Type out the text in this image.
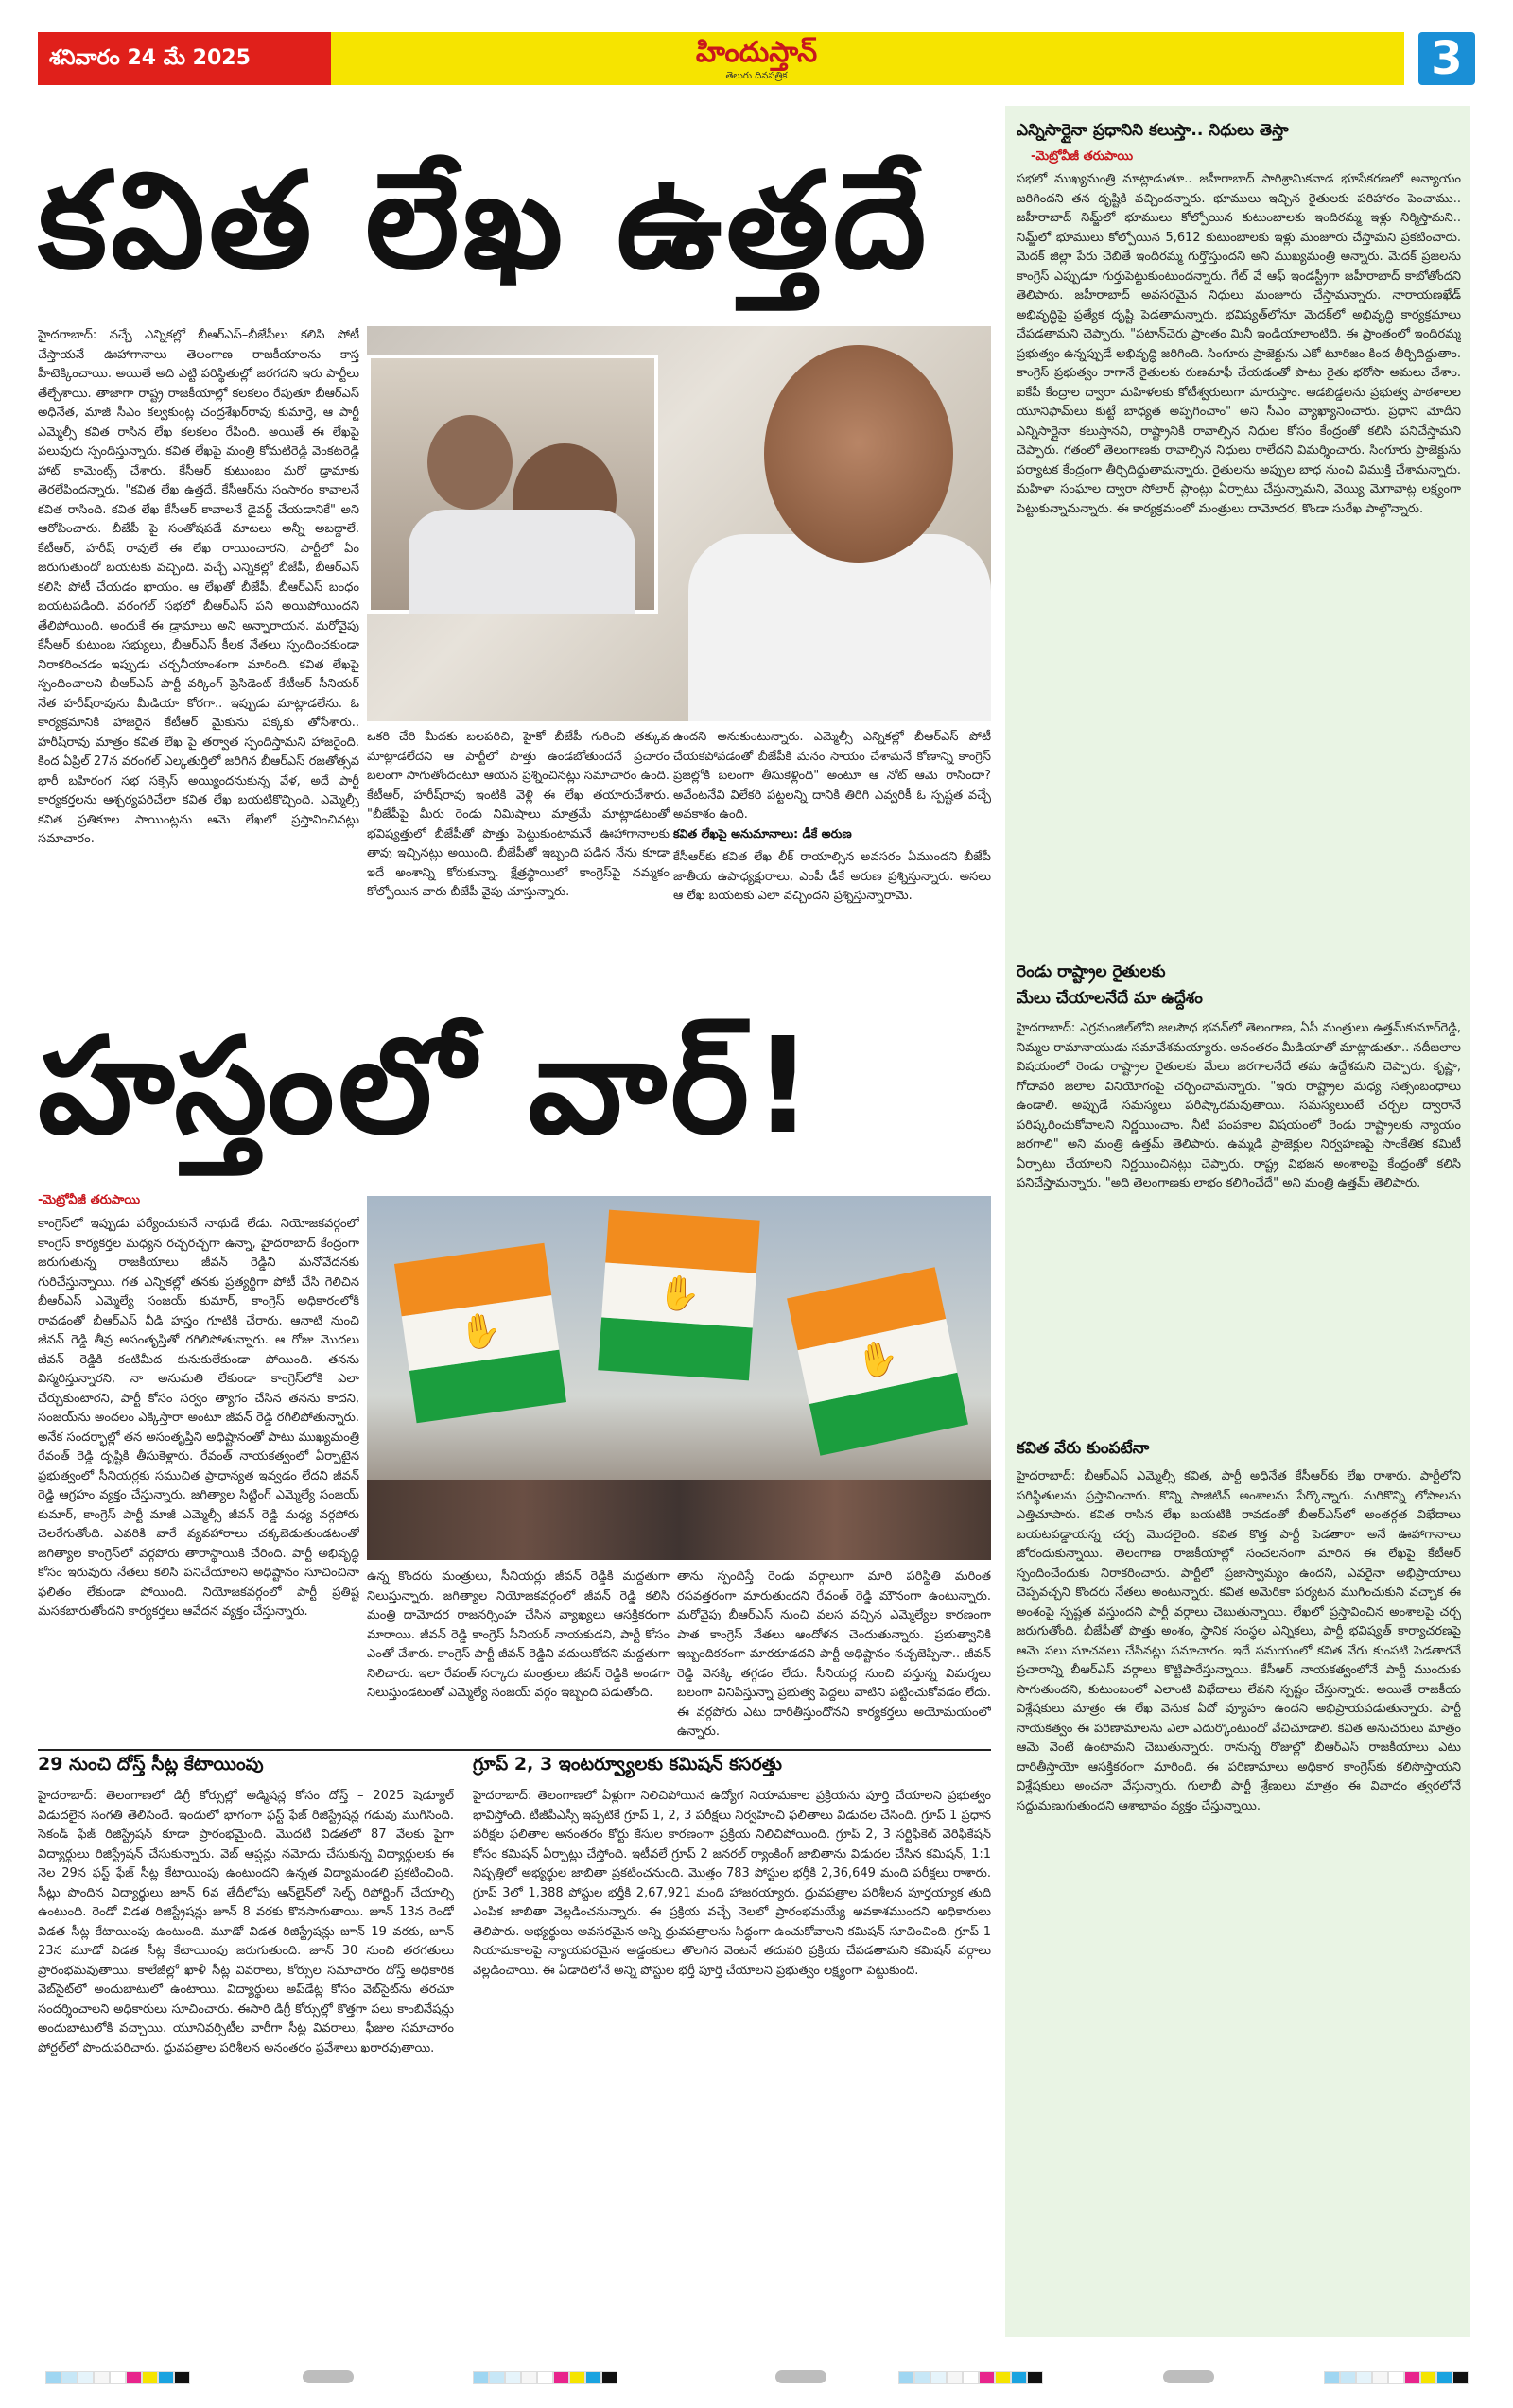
శనివారం 24 మే 2025	హిందుస్తాన్
తెలుగు దినపత్రిక	3
కవిత లేఖ ఉత్తదే
హైదరాబాద్: వచ్చే ఎన్నికల్లో బీఆర్ఎస్–బీజేపీలు కలిసి పోటీ చేస్తాయనే ఊహాగానాలు తెలంగాణ రాజకీయాలను కాస్త హీటెక్కించాయి. అయితే అది ఎట్టి పరిస్థితుల్లో జరగదని ఇరు పార్టీలు తేల్చేశాయి. తాజాగా రాష్ట్ర రాజకీయాల్లో కలకలం రేపుతూ బీఆర్ఎస్ అధినేత, మాజీ సీఎం కల్వకుంట్ల చంద్రశేఖర్‌రావు కుమార్తె, ఆ పార్టీ ఎమ్మెల్సీ కవిత రాసిన లేఖ కలకలం రేపింది. అయితే ఈ లేఖపై పలువురు స్పందిస్తున్నారు. కవిత లేఖపై మంత్రి కోమటిరెడ్డి వెంకటరెడ్డి హాట్ కామెంట్స్ చేశారు. కేసీఆర్ కుటుంబం మరో డ్రామాకు తెరలేపిందన్నారు. "కవిత లేఖ ఉత్తదే. కేసీఆర్‌ను సంసారం కావాలనే కవిత రాసింది. కవిత లేఖ కేసీఆర్ కావాలనే డైవర్ట్ చేయడానికే" అని ఆరోపించారు. బీజేపీ పై సంతోషపడే మాటలు అన్నీ అబద్దాలే. కేటీఆర్, హరీష్ రావులే ఈ లేఖ రాయించారని, పార్టీలో ఏం జరుగుతుందో బయటకు వచ్చింది. వచ్చే ఎన్నికల్లో బీజేపీ, బీఆర్ఎస్ కలిసి పోటీ చేయడం ఖాయం. ఆ లేఖతో బీజేపీ, బీఆర్ఎస్ బంధం బయటపడింది. వరంగల్ సభలో బీఆర్ఎస్ పని అయిపోయిందని తేలిపోయింది. అందుకే ఈ డ్రామాలు అని అన్నారాయన. మరోవైపు కేసీఆర్ కుటుంబ సభ్యులు, బీఆర్ఎస్ కీలక నేతలు స్పందించకుండా నిరాకరించడం ఇప్పుడు చర్చనీయాంశంగా మారింది. కవిత లేఖపై స్పందించాలని బీఆర్ఎస్ పార్టీ వర్కింగ్ ప్రెసిడెంట్ కేటీఆర్ సీనియర్ నేత హరీష్‌రావును మీడియా కోరగా.. ఇప్పుడు మాట్లాడలేను. ఓ కార్యక్రమానికి హాజరైన కేటీఆర్ మైకును పక్కకు తోసేశారు.. హరీష్‌రావు మాత్రం కవిత లేఖ పై తర్వాత స్పందిస్తామని హాజరైంది. కింద ఏప్రిల్ 27న వరంగల్ ఎల్కతుర్తిలో జరిగిన బీఆర్ఎస్ రజతోత్సవ భారీ బహిరంగ సభ సక్సెస్ అయ్యిందనుకున్న వేళ, అదే పార్టీ కార్యకర్తలను ఆశ్చర్యపరిచేలా కవిత లేఖ బయటికొచ్చింది. ఎమ్మెల్సీ కవిత ప్రతికూల పాయింట్లను ఆమె లేఖలో ప్రస్తావించినట్లు సమాచారం.
ఒకరి చేరి మీదకు బలపరిచి, హైకో బీజేపీ గురించి తక్కువ మాట్లాడలేదని ఆ పార్టీలో పొత్తు ఉండబోతుందనే ప్రచారం బలంగా సాగుతోందంటూ ఆయన ప్రశ్నించినట్లు సమాచారం ఉంది. కేటీఆర్, హరీష్‌రావు ఇంటికి వెళ్లి ఈ లేఖ తయారుచేశారు. "బీజేపీపై మీరు రెండు నిమిషాలు మాత్రమే మాట్లాడటంతో భవిష్యత్తులో బీజేపీతో పొత్తు పెట్టుకుంటామనే ఊహాగానాలకు తావు ఇచ్చినట్లు అయింది. బీజేపీతో ఇబ్బంది పడిన నేను కూడా ఇదే అంశాన్ని కోరుకున్నా. క్షేత్రస్థాయిలో కాంగ్రెస్‌పై నమ్మకం కోల్పోయిన వారు బీజేపీ వైపు చూస్తున్నారు.
ఉందని అనుకుంటున్నారు. ఎమ్మెల్సీ ఎన్నికల్లో బీఆర్ఎస్ పోటీ చేయకపోవడంతో బీజేపీకి మనం సాయం చేశామనే కోణాన్ని కాంగ్రెస్ ప్రజల్లోకి బలంగా తీసుకెళ్లింది" అంటూ ఆ నోట్ ఆమె రాసిందా? అవేంటనేవి విలేకరి పట్టలన్ని దానికి తిరిగి ఎవ్వరికీ ఓ స్పష్టత వచ్చే అవకాశం ఉంది.
కవిత లేఖపై అనుమానాలు: డీకే అరుణ
కేసీఆర్‌కు కవిత లేఖ లీక్ రాయాల్సిన అవసరం ఏముందని బీజేపీ జాతీయ ఉపాధ్యక్షురాలు, ఎంపీ డీకే అరుణ ప్రశ్నిస్తున్నారు. అసలు ఆ లేఖ బయటకు ఎలా వచ్చిందని ప్రశ్నిస్తున్నారామె.
హస్తంలో వార్!
-మెట్రోవీజీ తరుపాయి
కాంగ్రెస్‌లో ఇప్పుడు పర్యేంచుకునే నాథుడే లేడు. నియోజకవర్గంలో కాంగ్రెస్ కార్యకర్తల మధ్యన రచ్చరచ్చగా ఉన్నా, హైదరాబాద్ కేంద్రంగా జరుగుతున్న రాజకీయాలు జీవన్ రెడ్డిని మనోవేదనకు గురిచేస్తున్నాయి. గత ఎన్నికల్లో తనకు ప్రత్యర్థిగా పోటీ చేసి గెలిచిన బీఆర్ఎస్ ఎమ్మెల్యే సంజయ్ కుమార్, కాంగ్రెస్ అధికారంలోకి రావడంతో బీఆర్ఎస్ వీడి హస్తం గూటికి చేరారు. ఆనాటి నుంచి జీవన్ రెడ్డి తీవ్ర అసంతృప్తితో రగిలిపోతున్నారు. ఆ రోజు మొదలు జీవన్ రెడ్డికి కంటిమీద కునుకులేకుండా పోయింది. తనను విస్మరిస్తున్నారని, నా అనుమతి లేకుండా కాంగ్రెస్‌లోకి ఎలా చేర్చుకుంటారని, పార్టీ కోసం సర్వం త్యాగం చేసిన తనను కాదని, సంజయ్‌ను అందలం ఎక్కిస్తారా అంటూ జీవన్ రెడ్డి రగిలిపోతున్నారు. అనేక సందర్భాల్లో తన అసంతృప్తిని అధిష్టానంతో పాటు ముఖ్యమంత్రి రేవంత్ రెడ్డి దృష్టికి తీసుకెళ్లారు. రేవంత్ నాయకత్వంలో ఏర్పాటైన ప్రభుత్వంలో సీనియర్లకు సముచిత ప్రాధాన్యత ఇవ్వడం లేదని జీవన్ రెడ్డి ఆగ్రహం వ్యక్తం చేస్తున్నారు. జగిత్యాల సిట్టింగ్ ఎమ్మెల్యే సంజయ్ కుమార్, కాంగ్రెస్ పార్టీ మాజీ ఎమ్మెల్సీ జీవన్ రెడ్డి మధ్య వర్గపోరు చెలరేగుతోంది. ఎవరికి వారే వ్యవహారాలు చక్కబెడుతుండటంతో జగిత్యాల కాంగ్రెస్‌లో వర్గపోరు తారాస్థాయికి చేరింది. పార్టీ అభివృద్ధి కోసం ఇరువురు నేతలు కలిసి పనిచేయాలని అధిష్టానం సూచించినా ఫలితం లేకుండా పోయింది. నియోజకవర్గంలో పార్టీ ప్రతిష్ట మసకబారుతోందని కార్యకర్తలు ఆవేదన వ్యక్తం చేస్తున్నారు.
✋
✋
✋
ఉన్న కొందరు మంత్రులు, సీనియర్లు జీవన్ రెడ్డికి మద్దతుగా నిలుస్తున్నారు. జగిత్యాల నియోజకవర్గంలో జీవన్ రెడ్డి కలిసి మంత్రి దామోదర రాజనర్సింహ చేసిన వ్యాఖ్యలు ఆసక్తికరంగా మారాయి. జీవన్ రెడ్డి కాంగ్రెస్ సీనియర్ నాయకుడని, పార్టీ కోసం ఎంతో చేశారు. కాంగ్రెస్ పార్టీ జీవన్ రెడ్డిని వదులుకోదని మద్దతుగా నిలిచారు. ఇలా రేవంత్ సర్కారు మంత్రులు జీవన్ రెడ్డికి అండగా నిలుస్తుండటంతో ఎమ్మెల్యే సంజయ్ వర్గం ఇబ్బంది పడుతోంది.
తాను స్పందిస్తే రెండు వర్గాలుగా మారి పరిస్థితి మరింత రసవత్తరంగా మారుతుందని రేవంత్ రెడ్డి మౌనంగా ఉంటున్నారు. మరోవైపు బీఆర్ఎస్ నుంచి వలస వచ్చిన ఎమ్మెల్యేల కారణంగా పాత కాంగ్రెస్ నేతలు ఆందోళన చెందుతున్నారు. ప్రభుత్వానికి ఇబ్బందికరంగా మారకూడదని పార్టీ అధిష్టానం నచ్చజెప్పినా.. జీవన్ రెడ్డి వెనక్కి తగ్గడం లేదు. సీనియర్ల నుంచి వస్తున్న విమర్శలు బలంగా వినిపిస్తున్నా ప్రభుత్వ పెద్దలు వాటిని పట్టించుకోవడం లేదు. ఈ వర్గపోరు ఎటు దారితీస్తుందోనని కార్యకర్తలు అయోమయంలో ఉన్నారు.
29 నుంచి దోస్త్ సీట్ల కేటాయింపు
హైదరాబాద్: తెలంగాణలో డిగ్రీ కోర్సుల్లో అడ్మిషన్ల కోసం దోస్త్ – 2025 షెడ్యూల్ విడుదలైన సంగతి తెలిసిందే. ఇందులో భాగంగా ఫస్ట్ ఫేజ్ రిజిస్ట్రేషన్ల గడువు ముగిసింది. సెకండ్ ఫేజ్ రిజిస్ట్రేషన్ కూడా ప్రారంభమైంది. మొదటి విడతలో 87 వేలకు పైగా విద్యార్థులు రిజిస్ట్రేషన్ చేసుకున్నారు. వెబ్ ఆప్షన్లు నమోదు చేసుకున్న విద్యార్థులకు ఈ నెల 29న ఫస్ట్ ఫేజ్ సీట్ల కేటాయింపు ఉంటుందని ఉన్నత విద్యామండలి ప్రకటించింది. సీట్లు పొందిన విద్యార్థులు జూన్ 6వ తేదీలోపు ఆన్‌లైన్‌లో సెల్ఫ్ రిపోర్టింగ్ చేయాల్సి ఉంటుంది. రెండో విడత రిజిస్ట్రేషన్లు జూన్ 8 వరకు కొనసాగుతాయి. జూన్ 13న రెండో విడత సీట్ల కేటాయింపు ఉంటుంది. మూడో విడత రిజిస్ట్రేషన్లు జూన్ 19 వరకు, జూన్ 23న మూడో విడత సీట్ల కేటాయింపు జరుగుతుంది. జూన్ 30 నుంచి తరగతులు ప్రారంభమవుతాయి. కాలేజీల్లో ఖాళీ సీట్ల వివరాలు, కోర్సుల సమాచారం దోస్త్ అధికారిక వెబ్‌సైట్‌లో అందుబాటులో ఉంటాయి. విద్యార్థులు అప్‌డేట్ల కోసం వెబ్‌సైట్‌ను తరచూ సందర్శించాలని అధికారులు సూచించారు. ఈసారి డిగ్రీ కోర్సుల్లో కొత్తగా పలు కాంబినేషన్లు అందుబాటులోకి వచ్చాయి. యూనివర్సిటీల వారీగా సీట్ల వివరాలు, ఫీజుల సమాచారం పోర్టల్‌లో పొందుపరిచారు. ధ్రువపత్రాల పరిశీలన అనంతరం ప్రవేశాలు ఖరారవుతాయి.
గ్రూప్‌ 2, 3 ఇంటర్వ్యూలకు కమిషన్ కసరత్తు
హైదరాబాద్: తెలంగాణలో ఏళ్లుగా నిలిచిపోయిన ఉద్యోగ నియామకాల ప్రక్రియను పూర్తి చేయాలని ప్రభుత్వం భావిస్తోంది. టీజీపీఎస్సీ ఇప్పటికే గ్రూప్ 1, 2, 3 పరీక్షలు నిర్వహించి ఫలితాలు విడుదల చేసింది. గ్రూప్ 1 ప్రధాన పరీక్షల ఫలితాల అనంతరం కోర్టు కేసుల కారణంగా ప్రక్రియ నిలిచిపోయింది. గ్రూప్ 2, 3 సర్టిఫికెట్ వెరిఫికేషన్ కోసం కమిషన్ ఏర్పాట్లు చేస్తోంది. ఇటీవలే గ్రూప్ 2 జనరల్ ర్యాంకింగ్ జాబితాను విడుదల చేసిన కమిషన్, 1:1 నిష్పత్తిలో అభ్యర్థుల జాబితా ప్రకటించనుంది. మొత్తం 783 పోస్టుల భర్తీకి 2,36,649 మంది పరీక్షలు రాశారు. గ్రూప్ 3లో 1,388 పోస్టుల భర్తీకి 2,67,921 మంది హాజరయ్యారు. ధ్రువపత్రాల పరిశీలన పూర్తయ్యాక తుది ఎంపిక జాబితా వెల్లడించనున్నారు. ఈ ప్రక్రియ వచ్చే నెలలో ప్రారంభమయ్యే అవకాశముందని అధికారులు తెలిపారు. అభ్యర్థులు అవసరమైన అన్ని ధ్రువపత్రాలను సిద్ధంగా ఉంచుకోవాలని కమిషన్ సూచించింది. గ్రూప్ 1 నియామకాలపై న్యాయపరమైన అడ్డంకులు తొలగిన వెంటనే తదుపరి ప్రక్రియ చేపడతామని కమిషన్ వర్గాలు వెల్లడించాయి. ఈ ఏడాదిలోనే అన్ని పోస్టుల భర్తీ పూర్తి చేయాలని ప్రభుత్వం లక్ష్యంగా పెట్టుకుంది.
ఎన్నిసార్లైనా ప్రధానిని కలుస్తా.. నిధులు తెస్తా
-మెట్రోవీజీ తరుపాయి
సభలో ముఖ్యమంత్రి మాట్లాడుతూ.. జహీరాబాద్ పారిశ్రామికవాడ భూసేకరణలో అన్యాయం జరిగిందని తన దృష్టికి వచ్చిందన్నారు. భూములు ఇచ్చిన రైతులకు పరిహారం పెంచాము.. జహీరాబాద్ నిమ్జ్‌లో భూములు కోల్పోయిన కుటుంబాలకు ఇందిరమ్మ ఇళ్లు నిర్మిస్తామని.. నిమ్జ్‌లో భూములు కోల్పోయిన 5,612 కుటుంబాలకు ఇళ్లు మంజూరు చేస్తామని ప్రకటించారు. మెదక్ జిల్లా పేరు చెబితే ఇందిరమ్మ గుర్తొస్తుందని అని ముఖ్యమంత్రి అన్నారు. మెదక్ ప్రజలను కాంగ్రెస్ ఎప్పుడూ గుర్తుపెట్టుకుంటుందన్నారు. గేట్ వే ఆఫ్ ఇండస్ట్రీగా జహీరాబాద్ కాబోతోందని తెలిపారు. జహీరాబాద్ అవసరమైన నిధులు మంజూరు చేస్తామన్నారు. నారాయణఖేడ్ అభివృద్ధిపై ప్రత్యేక దృష్టి పెడతామన్నారు. భవిష్యత్‌లోనూ మెదక్‌లో అభివృద్ధి కార్యక్రమాలు చేపడతామని చెప్పారు. "పటాన్‌చెరు ప్రాంతం మినీ ఇండియాలాంటిది. ఈ ప్రాంతంలో ఇందిరమ్మ ప్రభుత్వం ఉన్నప్పుడే అభివృద్ధి జరిగింది. సింగూరు ప్రాజెక్టును ఎకో టూరిజం కింద తీర్చిదిద్దుతాం. కాంగ్రెస్ ప్రభుత్వం రాగానే రైతులకు రుణమాఫీ చేయడంతో పాటు రైతు భరోసా అమలు చేశాం. ఐకేపీ కేంద్రాల ద్వారా మహిళలకు కోటీశ్వరులుగా మారుస్తాం. ఆడబిడ్డలను ప్రభుత్వ పాఠశాలల యూనిఫామ్‌లు కుట్టే బాధ్యత అప్పగించాం" అని సీఎం వ్యాఖ్యానించారు. ప్రధాని మోదీని ఎన్నిసార్లైనా కలుస్తానని, రాష్ట్రానికి రావాల్సిన నిధుల కోసం కేంద్రంతో కలిసి పనిచేస్తామని చెప్పారు. గతంలో తెలంగాణకు రావాల్సిన నిధులు రాలేదని విమర్శించారు. సింగూరు ప్రాజెక్టును పర్యాటక కేంద్రంగా తీర్చిదిద్దుతామన్నారు. రైతులను అప్పుల బాధ నుంచి విముక్తి చేశామన్నారు. మహిళా సంఘాల ద్వారా సోలార్ ప్లాంట్లు ఏర్పాటు చేస్తున్నామని, వెయ్యి మెగావాట్ల లక్ష్యంగా పెట్టుకున్నామన్నారు. ఈ కార్యక్రమంలో మంత్రులు దామోదర, కొండా సురేఖ పాల్గొన్నారు.
రెండు రాష్ట్రాల రైతులకు
మేలు చేయాలనేదే మా ఉద్దేశం
హైదరాబాద్: ఎర్రమంజిల్‌లోని జలసౌధ భవన్‌లో తెలంగాణ, ఏపీ మంత్రులు ఉత్తమ్‌కుమార్‌రెడ్డి, నిమ్మల రామానాయుడు సమావేశమయ్యారు. అనంతరం మీడియాతో మాట్లాడుతూ.. నదీజలాల విషయంలో రెండు రాష్ట్రాల రైతులకు మేలు జరగాలనేదే తమ ఉద్దేశమని చెప్పారు. కృష్ణా, గోదావరి జలాల వినియోగంపై చర్చించామన్నారు. "ఇరు రాష్ట్రాల మధ్య సత్సంబంధాలు ఉండాలి. అప్పుడే సమస్యలు పరిష్కారమవుతాయి. సమస్యలుంటే చర్చల ద్వారానే పరిష్కరించుకోవాలని నిర్ణయించాం. నీటి పంపకాల విషయంలో రెండు రాష్ట్రాలకు న్యాయం జరగాలి" అని మంత్రి ఉత్తమ్ తెలిపారు. ఉమ్మడి ప్రాజెక్టుల నిర్వహణపై సాంకేతిక కమిటీ ఏర్పాటు చేయాలని నిర్ణయించినట్లు చెప్పారు. రాష్ట్ర విభజన అంశాలపై కేంద్రంతో కలిసి పనిచేస్తామన్నారు. "అది తెలంగాణకు లాభం కలిగించేదే" అని మంత్రి ఉత్తమ్ తెలిపారు.
కవిత వేరు కుంపటేనా
హైదరాబాద్: బీఆర్ఎస్ ఎమ్మెల్సీ కవిత, పార్టీ అధినేత కేసీఆర్‌కు లేఖ రాశారు. పార్టీలోని పరిస్థితులను ప్రస్తావించారు. కొన్ని పాజిటివ్ అంశాలను పేర్కొన్నారు. మరికొన్ని లోపాలను ఎత్తిచూపారు. కవిత రాసిన లేఖ బయటికి రావడంతో బీఆర్ఎస్‌లో అంతర్గత విభేదాలు బయటపడ్డాయన్న చర్చ మొదలైంది. కవిత కొత్త పార్టీ పెడతారా అనే ఊహాగానాలు జోరందుకున్నాయి. తెలంగాణ రాజకీయాల్లో సంచలనంగా మారిన ఈ లేఖపై కేటీఆర్ స్పందించేందుకు నిరాకరించారు. పార్టీలో ప్రజాస్వామ్యం ఉందని, ఎవరైనా అభిప్రాయాలు చెప్పవచ్చని కొందరు నేతలు అంటున్నారు. కవిత అమెరికా పర్యటన ముగించుకుని వచ్చాక ఈ అంశంపై స్పష్టత వస్తుందని పార్టీ వర్గాలు చెబుతున్నాయి. లేఖలో ప్రస్తావించిన అంశాలపై చర్చ జరుగుతోంది. బీజేపీతో పొత్తు అంశం, స్థానిక సంస్థల ఎన్నికలు, పార్టీ భవిష్యత్ కార్యాచరణపై ఆమె పలు సూచనలు చేసినట్లు సమాచారం. ఇదే సమయంలో కవిత వేరు కుంపటి పెడతారనే ప్రచారాన్ని బీఆర్ఎస్ వర్గాలు కొట్టిపారేస్తున్నాయి. కేసీఆర్ నాయకత్వంలోనే పార్టీ ముందుకు సాగుతుందని, కుటుంబంలో ఎలాంటి విభేదాలు లేవని స్పష్టం చేస్తున్నారు. అయితే రాజకీయ విశ్లేషకులు మాత్రం ఈ లేఖ వెనుక ఏదో వ్యూహం ఉందని అభిప్రాయపడుతున్నారు. పార్టీ నాయకత్వం ఈ పరిణామాలను ఎలా ఎదుర్కొంటుందో వేచిచూడాలి. కవిత అనుచరులు మాత్రం ఆమె వెంటే ఉంటామని చెబుతున్నారు. రానున్న రోజుల్లో బీఆర్ఎస్ రాజకీయాలు ఎటు దారితీస్తాయో ఆసక్తికరంగా మారింది. ఈ పరిణామాలు అధికార కాంగ్రెస్‌కు కలిసొస్తాయని విశ్లేషకులు అంచనా వేస్తున్నారు. గులాబీ పార్టీ శ్రేణులు మాత్రం ఈ వివాదం త్వరలోనే సద్దుమణుగుతుందని ఆశాభావం వ్యక్తం చేస్తున్నాయి.
